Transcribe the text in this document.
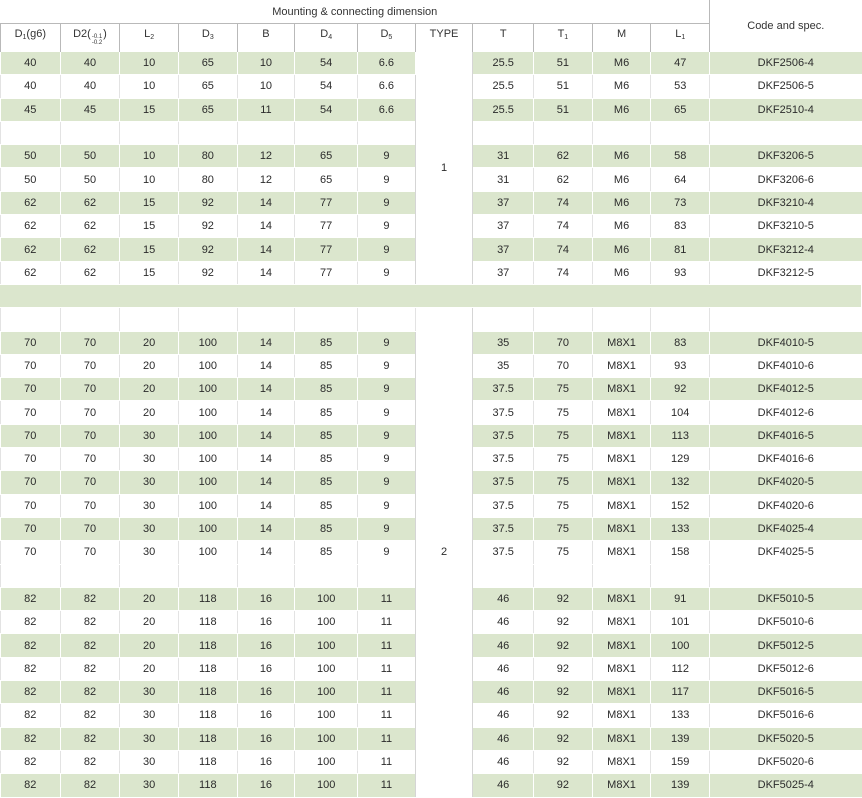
	Mounting & connecting dimension												Code and spec.
	$D_1(g6)$	D2( -0.1
-0.2
)	$L_2$	$D_3$	B	$D_4$	$D_5$	TYPE	T	$T_1$	M	$L_1$
	40	40	10	65	10	54	6.6	1	25.5	51	M6	47	DKF2506-4
	40	40	10	65	10	54	6.6		25.5	51	M6	53	DKF2506-5
	45	45	15	65	11	54	6.6		25.5	51	M6	65	DKF2510-4

	50	50	10	80	12	65	9		31	62	M6	58	DKF3206-5
	50	50	10	80	12	65	9		31	62	M6	64	DKF3206-6
	62	62	15	92	14	77	9		37	74	M6	73	DKF3210-4
	62	62	15	92	14	77	9		37	74	M6	83	DKF3210-5
	62	62	15	92	14	77	9		37	74	M6	81	DKF3212-4
	62	62	15	92	14	77	9		37	74	M6	93	DKF3212-5

								2					
	70	70	20	100	14	85	9		35	70	M8X1	83	DKF4010-5
	70	70	20	100	14	85	9		35	70	M8X1	93	DKF4010-6
	70	70	20	100	14	85	9		37.5	75	M8X1	92	DKF4012-5
	70	70	20	100	14	85	9		37.5	75	M8X1	104	DKF4012-6
	70	70	30	100	14	85	9		37.5	75	M8X1	113	DKF4016-5
	70	70	30	100	14	85	9		37.5	75	M8X1	129	DKF4016-6
	70	70	30	100	14	85	9		37.5	75	M8X1	132	DKF4020-5
	70	70	30	100	14	85	9		37.5	75	M8X1	152	DKF4020-6
	70	70	30	100	14	85	9		37.5	75	M8X1	133	DKF4025-4
	70	70	30	100	14	85	9		37.5	75	M8X1	158	DKF4025-5

	82	82	20	118	16	100	11		46	92	M8X1	91	DKF5010-5
	82	82	20	118	16	100	11		46	92	M8X1	101	DKF5010-6
	82	82	20	118	16	100	11		46	92	M8X1	100	DKF5012-5
	82	82	20	118	16	100	11		46	92	M8X1	112	DKF5012-6
	82	82	30	118	16	100	11		46	92	M8X1	117	DKF5016-5
	82	82	30	118	16	100	11		46	92	M8X1	133	DKF5016-6
	82	82	30	118	16	100	11		46	92	M8X1	139	DKF5020-5
	82	82	30	118	16	100	11		46	92	M8X1	159	DKF5020-6
	82	82	30	118	16	100	11		46	92	M8X1	139	DKF5025-4
